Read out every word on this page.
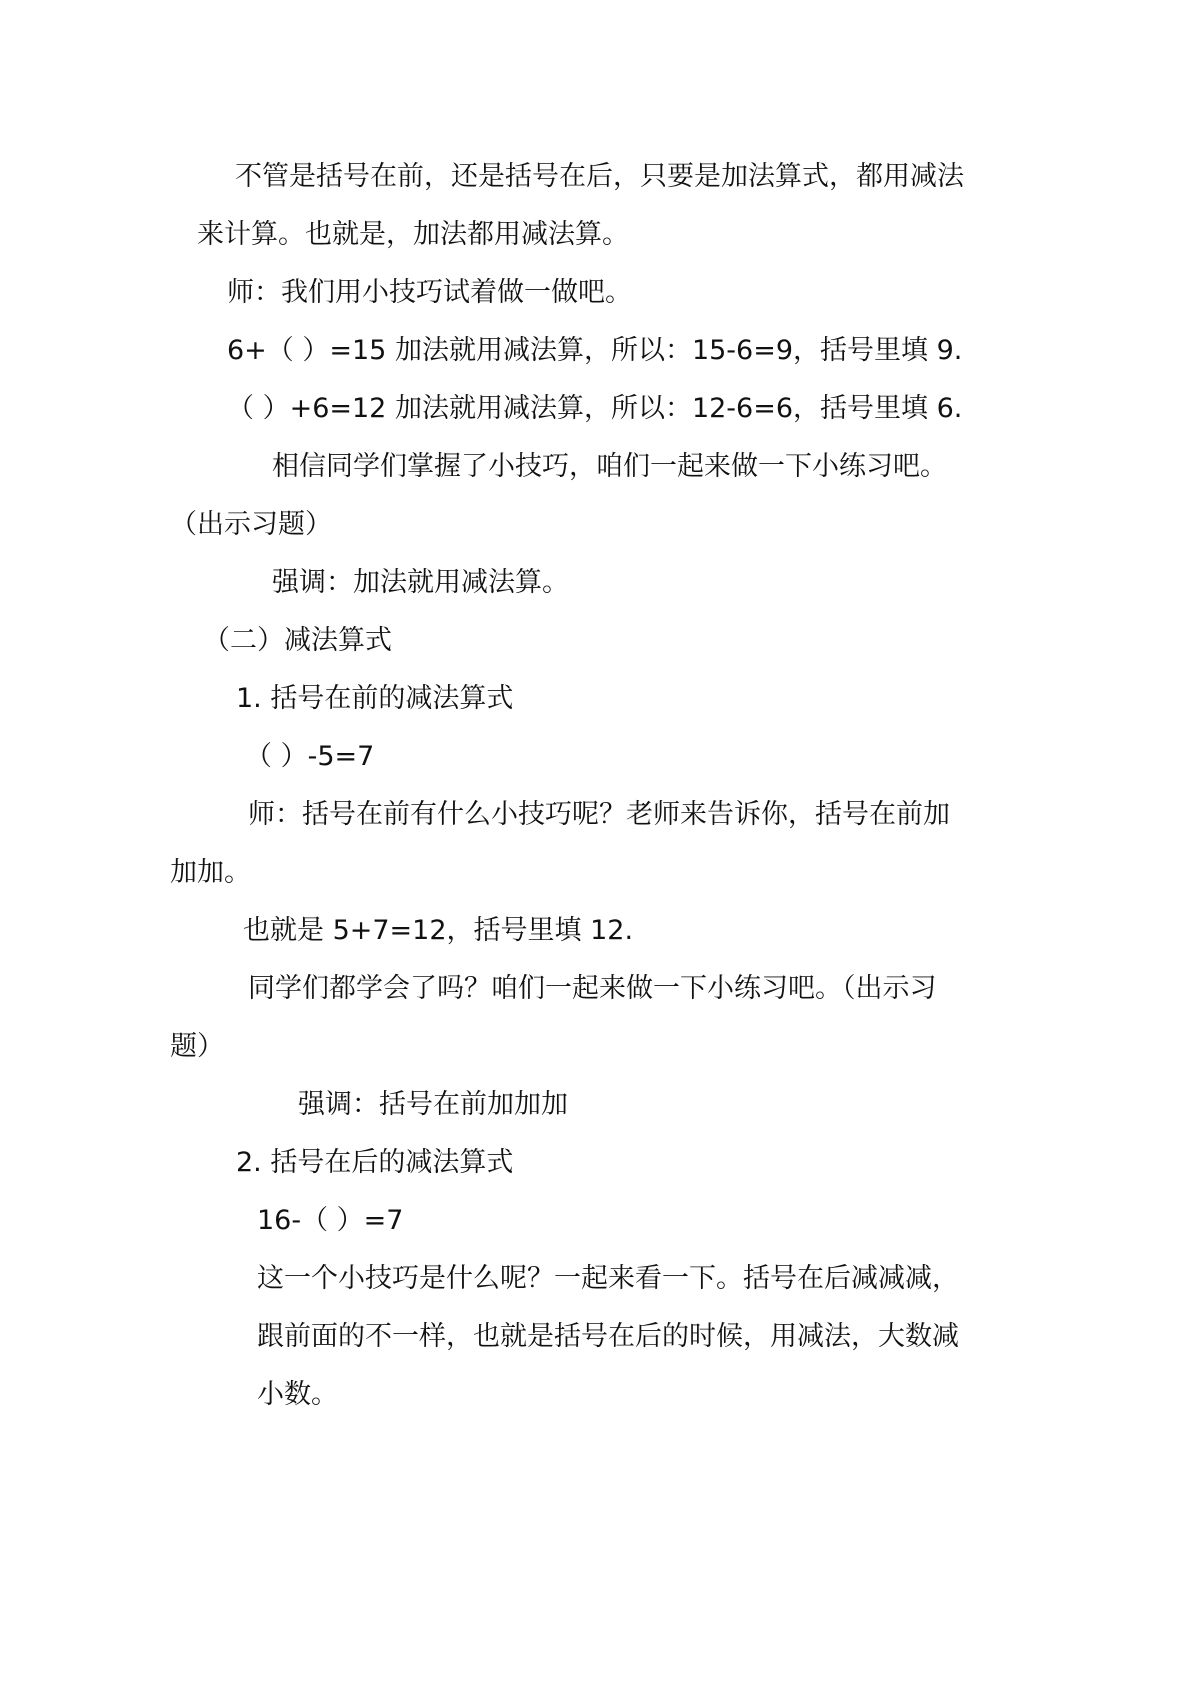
不管是括号在前，还是括号在后，只要是加法算式，都用减法

来计算。也就是，加法都用减法算。

师：我们用小技巧试着做一做吧。

6+（ ）=15 加法就用减法算，所以：15-6=9，括号里填 9.

（ ）+6=12 加法就用减法算，所以：12-6=6，括号里填 6.

相信同学们掌握了小技巧，咱们一起来做一下小练习吧。

（出示习题）

强调：加法就用减法算。

（二）减法算式

1. 括号在前的减法算式

（ ）-5=7

师：括号在前有什么小技巧呢？老师来告诉你，括号在前加

加加。

也就是 5+7=12，括号里填 12.

同学们都学会了吗？咱们一起来做一下小练习吧。（出示习

题）

强调：括号在前加加加

2. 括号在后的减法算式

16-（ ）=7

这一个小技巧是什么呢？一起来看一下。括号在后减减减，

跟前面的不一样，也就是括号在后的时候，用减法，大数减

小数。
